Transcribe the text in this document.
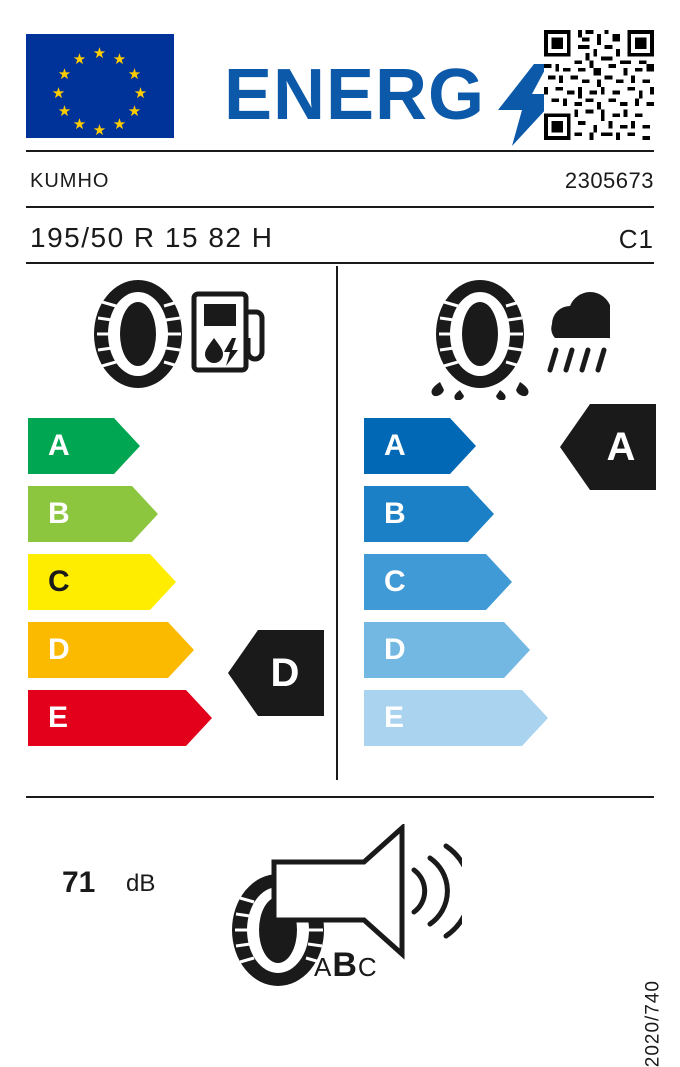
★
★ ★
★	★
★	★
★	★
★ ★
★ ENERG
KUMHO	2305673
195/50 R 15 82 H	C1
A
B
C
D
E
D
A
B
C
D
E
A
71 dB
ABC
2020/740
